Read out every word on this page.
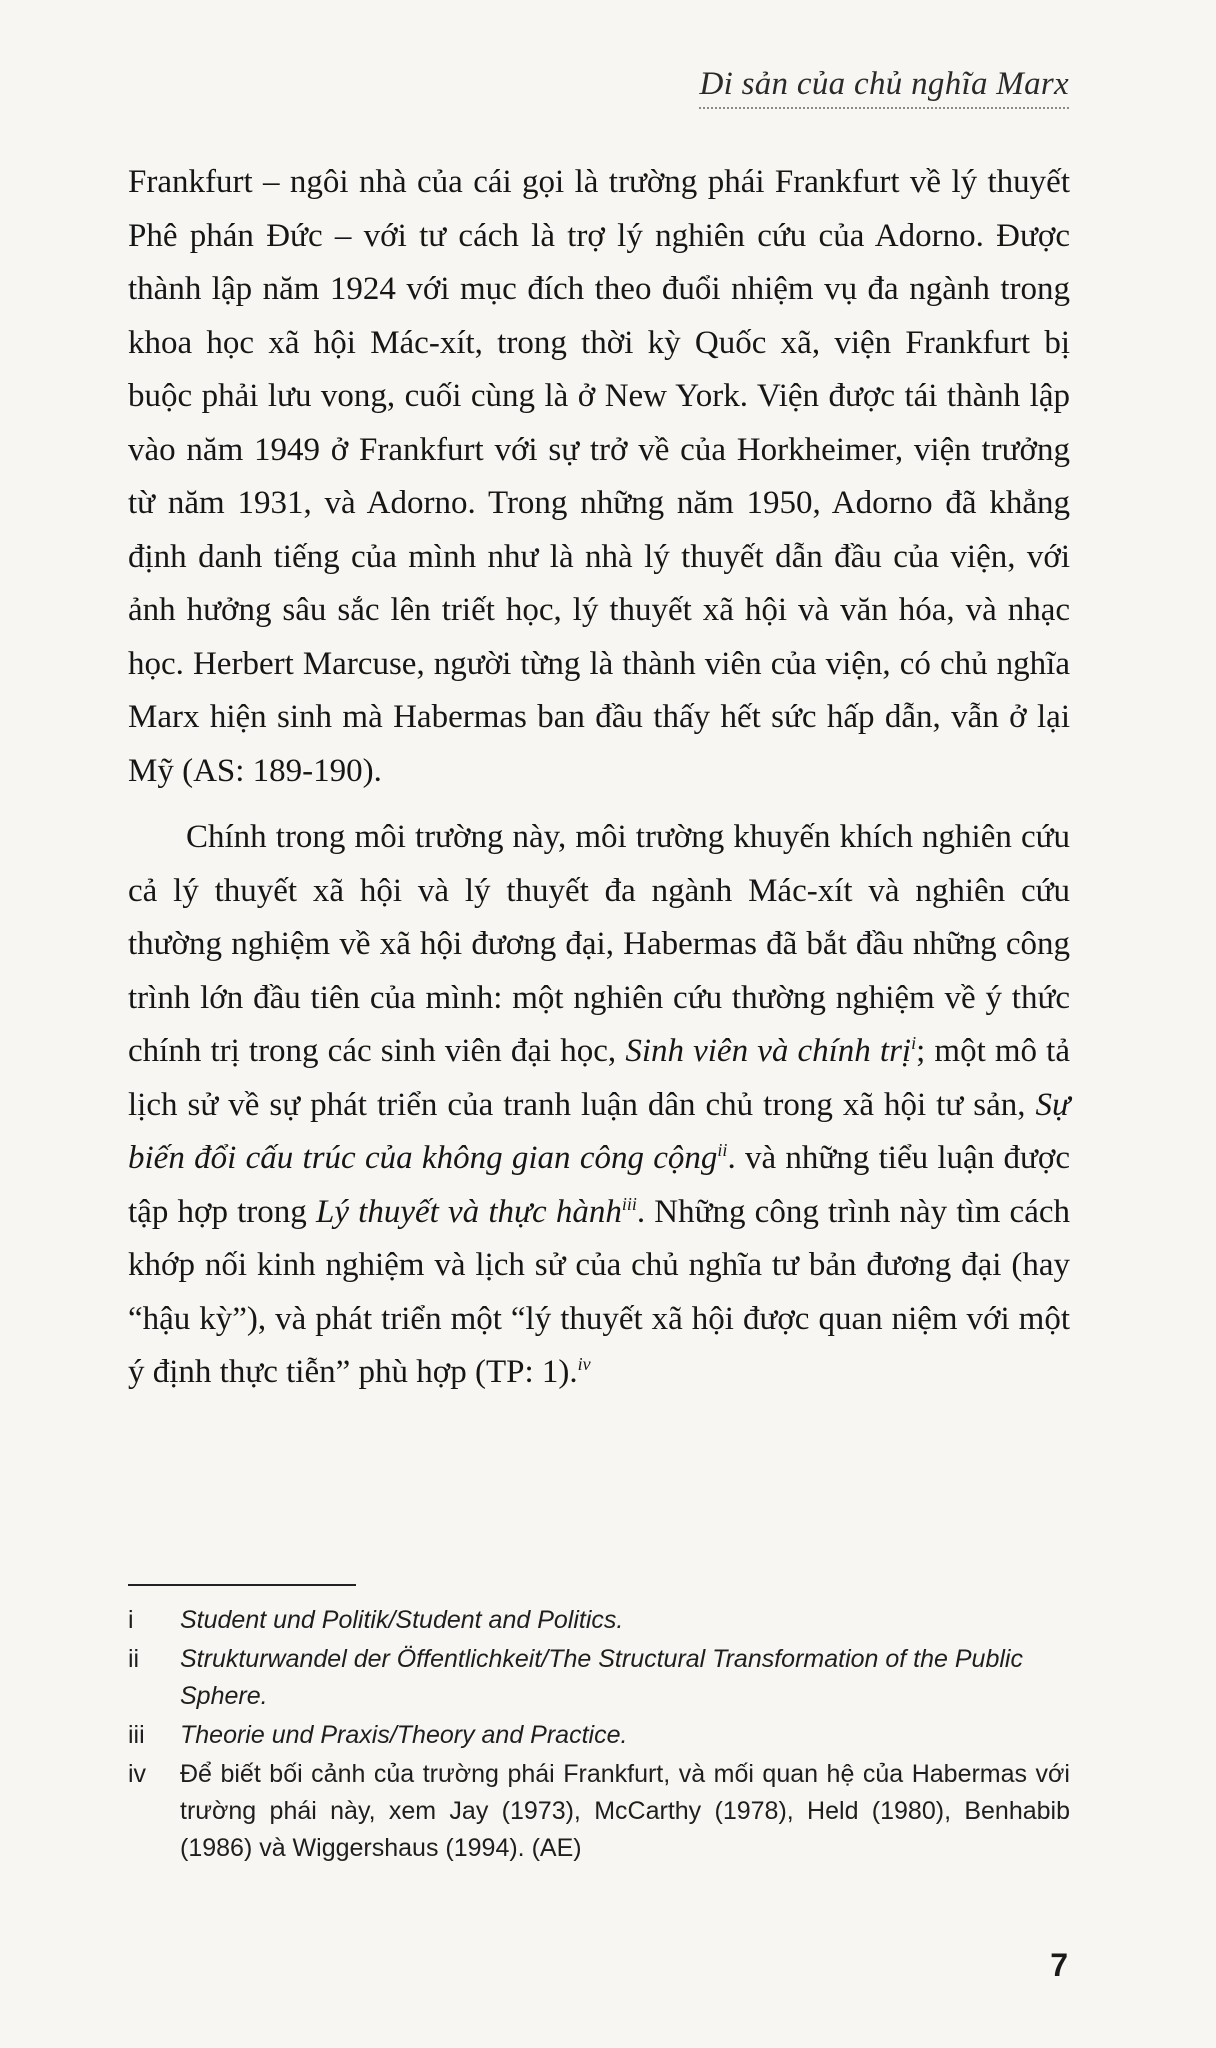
Di sản của chủ nghĩa Marx

Frankfurt – ngôi nhà của cái gọi là trường phái Frankfurt về lý thuyết Phê phán Đức – với tư cách là trợ lý nghiên cứu của Adorno. Được thành lập năm 1924 với mục đích theo đuổi nhiệm vụ đa ngành trong khoa học xã hội Mác-xít, trong thời kỳ Quốc xã, viện Frankfurt bị buộc phải lưu vong, cuối cùng là ở New York. Viện được tái thành lập vào năm 1949 ở Frankfurt với sự trở về của Horkheimer, viện trưởng từ năm 1931, và Adorno. Trong những năm 1950, Adorno đã khẳng định danh tiếng của mình như là nhà lý thuyết dẫn đầu của viện, với ảnh hưởng sâu sắc lên triết học, lý thuyết xã hội và văn hóa, và nhạc học. Herbert Marcuse, người từng là thành viên của viện, có chủ nghĩa Marx hiện sinh mà Habermas ban đầu thấy hết sức hấp dẫn, vẫn ở lại Mỹ (AS: 189-190).

Chính trong môi trường này, môi trường khuyến khích nghiên cứu cả lý thuyết xã hội và lý thuyết đa ngành Mác-xít và nghiên cứu thường nghiệm về xã hội đương đại, Habermas đã bắt đầu những công trình lớn đầu tiên của mình: một nghiên cứu thường nghiệm về ý thức chính trị trong các sinh viên đại học, Sinh viên và chính trị$^i$; một mô tả lịch sử về sự phát triển của tranh luận dân chủ trong xã hội tư sản, Sự biến đổi cấu trúc của không gian công cộng$^{ii}$. và những tiểu luận được tập hợp trong Lý thuyết và thực hành$^{iii}$. Những công trình này tìm cách khớp nối kinh nghiệm và lịch sử của chủ nghĩa tư bản đương đại (hay “hậu kỳ”), và phát triển một “lý thuyết xã hội được quan niệm với một ý định thực tiễn” phù hợp (TP: 1).$^{iv}$

i	Student und Politik/Student and Politics.
ii	Strukturwandel der Öffentlichkeit/The Structural Transformation of the Public Sphere.
iii	Theorie und Praxis/Theory and Practice.
iv	Để biết bối cảnh của trường phái Frankfurt, và mối quan hệ của Habermas với trường phái này, xem Jay (1973), McCarthy (1978), Held (1980), Benhabib (1986) và Wiggershaus (1994). (AE)
7
